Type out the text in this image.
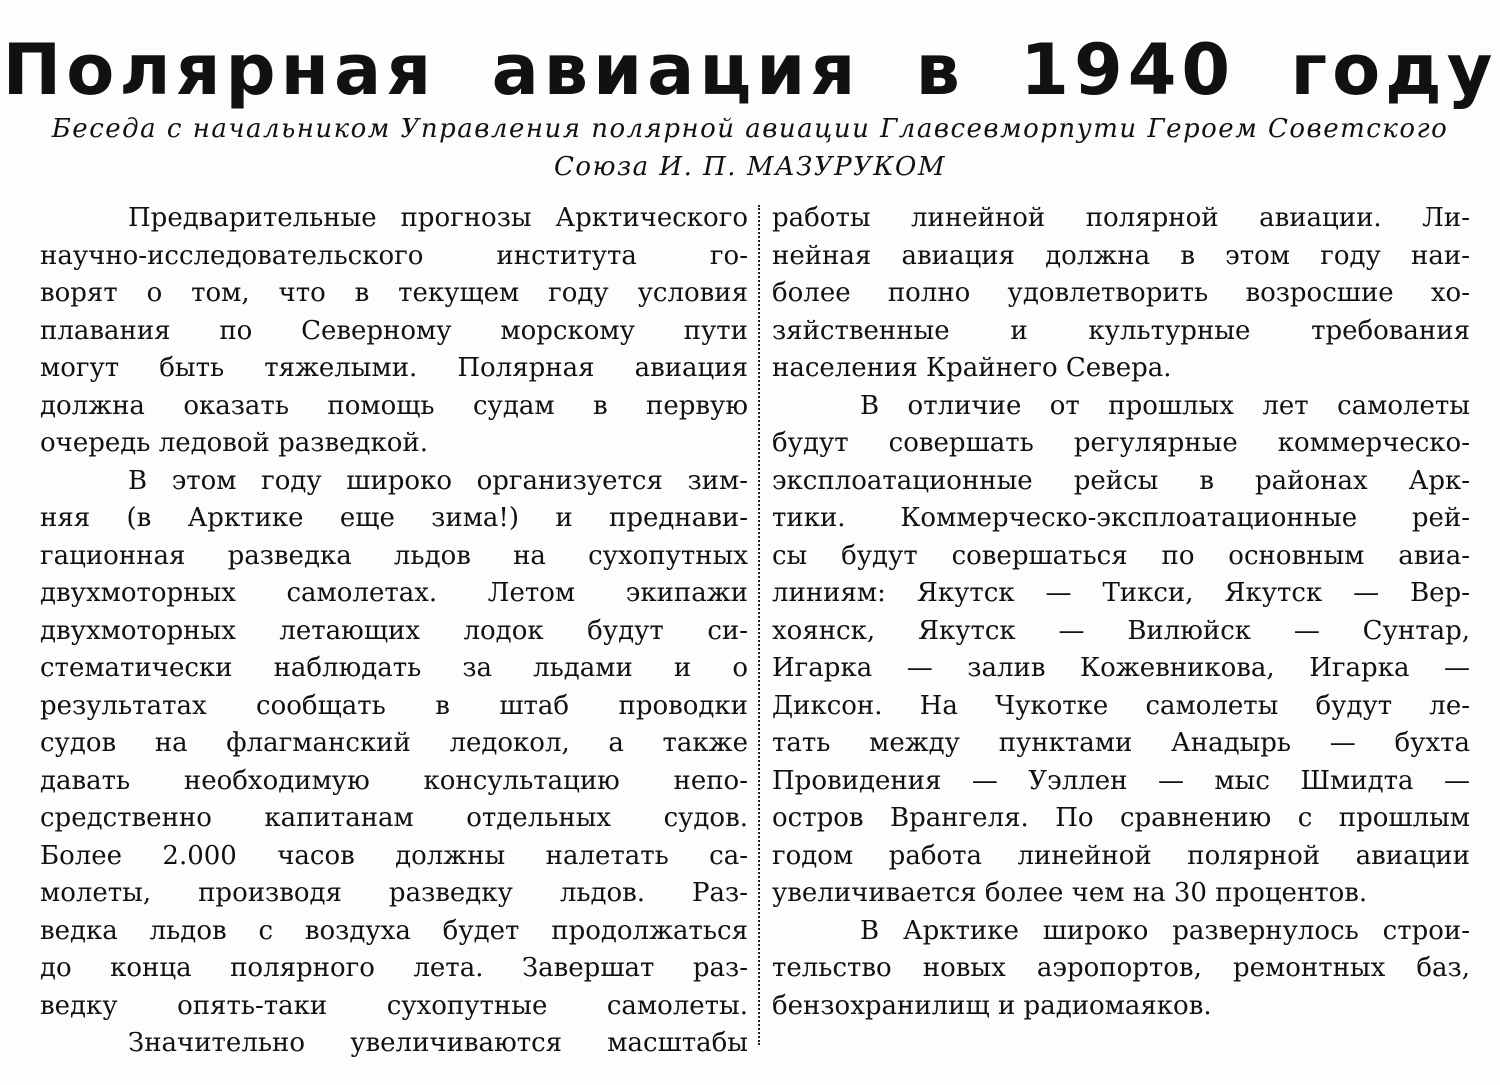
Полярная авиация в 1940 году
Беседа с начальником Управления полярной авиации Главсевморпути Героем Советского
Союза И. П. МАЗУРУКОМ
Предварительные прогнозы Арктического
научно-исследовательского института го-
ворят о том, что в текущем году условия
плавания по Северному морскому пути
могут быть тяжелыми. Полярная авиация
должна оказать помощь судам в первую
очередь ледовой разведкой.
В этом году широко организуется зим-
няя (в Арктике еще зима!) и преднави-
гационная разведка льдов на сухопутных
двухмоторных самолетах. Летом экипажи
двухмоторных летающих лодок будут си-
стематически наблюдать за льдами и о
результатах сообщать в штаб проводки
судов на флагманский ледокол, а также
давать необходимую консультацию непо-
средственно капитанам отдельных судов.
Более 2.000 часов должны налетать са-
молеты, производя разведку льдов. Раз-
ведка льдов с воздуха будет продолжаться
до конца полярного лета. Завершат раз-
ведку опять-таки сухопутные самолеты.
Значительно увеличиваются масштабы
работы линейной полярной авиации. Ли-
нейная авиация должна в этом году наи-
более полно удовлетворить возросшие хо-
зяйственные и культурные требования
населения Крайнего Севера.
В отличие от прошлых лет самолеты
будут совершать регулярные коммерческо-
эксплоатационные рейсы в районах Арк-
тики. Коммерческо-эксплоатационные рей-
сы будут совершаться по основным авиа-
линиям: Якутск — Тикси, Якутск — Вер-
хоянск, Якутск — Вилюйск — Сунтар,
Игарка — залив Кожевникова, Игарка —
Диксон. На Чукотке самолеты будут ле-
тать между пунктами Анадырь — бухта
Провидения — Уэллен — мыс Шмидта —
остров Врангеля. По сравнению с прошлым
годом работа линейной полярной авиации
увеличивается более чем на 30 процентов.
В Арктике широко развернулось строи-
тельство новых аэропортов, ремонтных баз,
бензохранилищ и радиомаяков.
